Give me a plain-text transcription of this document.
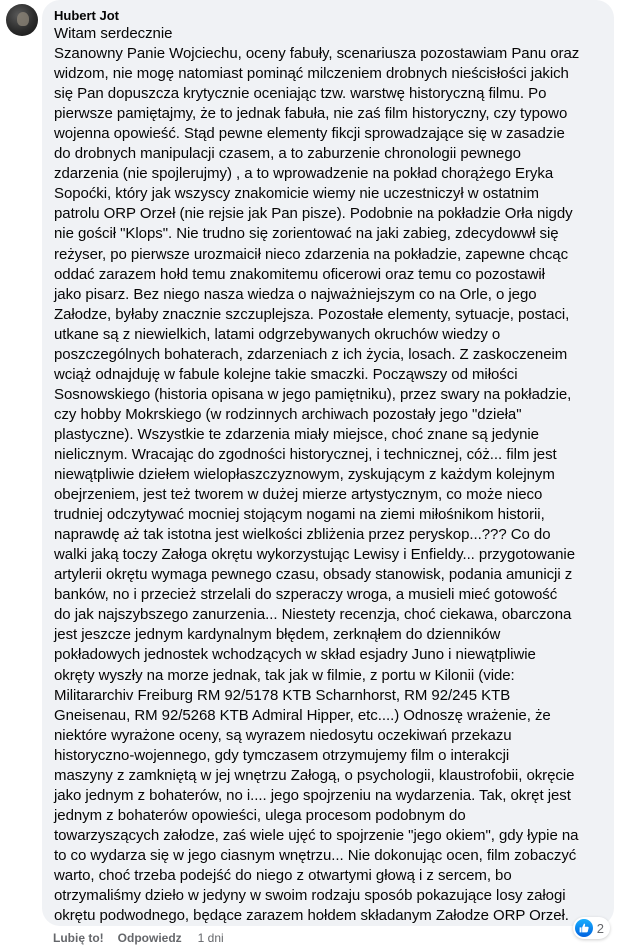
Hubert Jot

Witam serdecznie
Szanowny Panie Wojciechu, oceny fabuły, scenariusza pozostawiam Panu oraz
widzom, nie mogę natomiast pominąć milczeniem drobnych nieścisłości jakich
się Pan dopuszcza krytycznie oceniając tzw. warstwę historyczną filmu. Po
pierwsze pamiętajmy, że to jednak fabuła, nie zaś film historyczny, czy typowo
wojenna opowieść. Stąd pewne elementy fikcji sprowadzające się w zasadzie
do drobnych manipulacji czasem, a to zaburzenie chronologii pewnego
zdarzenia (nie spojlerujmy) , a to wprowadzenie na pokład chorążego Eryka
Sopoćki, który jak wszyscy znakomicie wiemy nie uczestniczył w ostatnim
patrolu ORP Orzeł (nie rejsie jak Pan pisze). Podobnie na pokładzie Orła nigdy
nie gościł "Klops". Nie trudno się zorientować na jaki zabieg, zdecydowwł się
reżyser, po pierwsze urozmaicił nieco zdarzenia na pokładzie, zapewne chcąc
oddać zarazem hołd temu znakomitemu oficerowi oraz temu co pozostawił
jako pisarz. Bez niego nasza wiedza o najważniejszym co na Orle, o jego
Załodze, byłaby znacznie szczuplejsza. Pozostałe elementy, sytuacje, postaci,
utkane są z niewielkich, latami odgrzebywanych okruchów wiedzy o
poszczególnych bohaterach, zdarzeniach z ich życia, losach. Z zaskoczeneim
wciąż odnajduję w fabule kolejne takie smaczki. Począwszy od miłości
Sosnowskiego (historia opisana w jego pamiętniku), przez swary na pokładzie,
czy hobby Mokrskiego (w rodzinnych archiwach pozostały jego "dzieła"
plastyczne). Wszystkie te zdarzenia miały miejsce, choć znane są jedynie
nielicznym. Wracając do zgodności historycznej, i technicznej, cóż... film jest
niewątpliwie dziełem wielopłaszczyznowym, zyskującym z każdym kolejnym
obejrzeniem, jest też tworem w dużej mierze artystycznym, co może nieco
trudniej odczytywać mocniej stojącym nogami na ziemi miłośnikom historii,
naprawdę aż tak istotna jest wielkości zbliżenia przez peryskop...??? Co do
walki jaką toczy Załoga okrętu wykorzystując Lewisy i Enfieldy... przygotowanie
artylerii okrętu wymaga pewnego czasu, obsady stanowisk, podania amunicji z
banków, no i przecież strzelali do szperaczy wroga, a musieli mieć gotowość
do jak najszybszego zanurzenia... Niestety recenzja, choć ciekawa, obarczona
jest jeszcze jednym kardynalnym błędem, zerknąłem do dzienników
pokładowych jednostek wchodzących w skład esjadry Juno i niewątpliwie
okręty wyszły na morze jednak, tak jak w filmie, z portu w Kilonii (vide:
Militararchiv Freiburg RM 92/5178 KTB Scharnhorst, RM 92/245 KTB
Gneisenau, RM 92/5268 KTB Admiral Hipper, etc....) Odnoszę wrażenie, że
niektóre wyrażone oceny, są wyrazem niedosytu oczekiwań przekazu
historyczno-wojennego, gdy tymczasem otrzymujemy film o interakcji
maszyny z zamkniętą w jej wnętrzu Załogą, o psychologii, klaustrofobii, okręcie
jako jednym z bohaterów, no i.... jego spojrzeniu na wydarzenia. Tak, okręt jest
jednym z bohaterów opowieści, ulega procesom podobnym do
towarzyszących załodze, zaś wiele ujęć to spojrzenie "jego okiem", gdy łypie na
to co wydarza się w jego ciasnym wnętrzu... Nie dokonując ocen, film zobaczyć
warto, choć trzeba podejść do niego z otwartymi głową i z sercem, bo
otrzymaliśmy dzieło w jedyny w swoim rodzaju sposób pokazujące losy załogi
okrętu podwodnego, będące zarazem hołdem składanym Załodze ORP Orzeł.

2
Lubię to! Odpowiedz 1 dni
